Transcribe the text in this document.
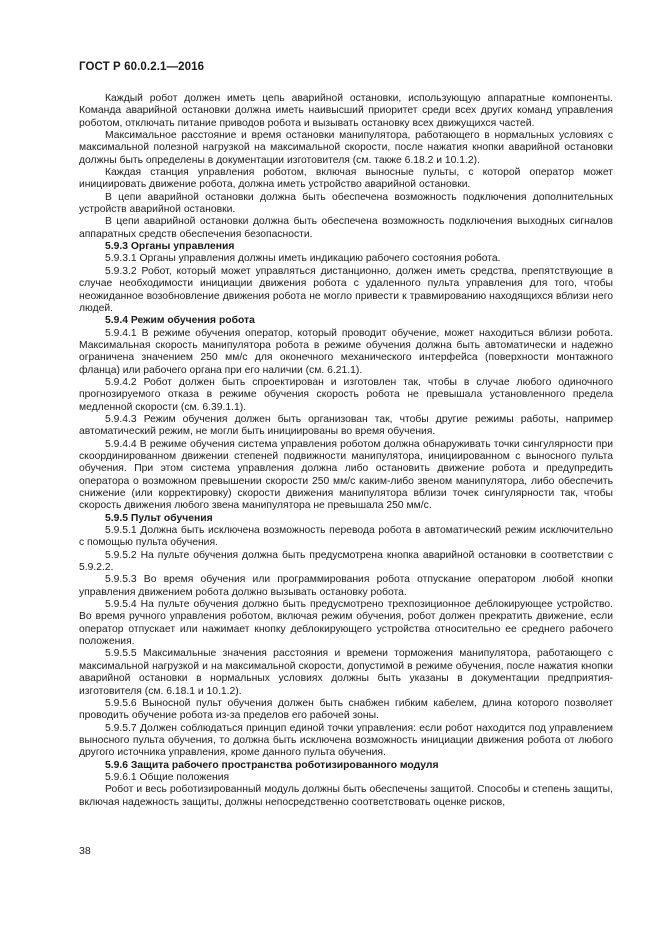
ГОСТ Р 60.0.2.1—2016

Каждый робот должен иметь цепь аварийной остановки, использующую аппаратные компоненты. Команда аварийной остановки должна иметь наивысший приоритет среди всех других команд управления роботом, отключать питание приводов робота и вызывать остановку всех движущихся частей.

Максимальное расстояние и время остановки манипулятора, работающего в нормальных условиях с максимальной полезной нагрузкой на максимальной скорости, после нажатия кнопки аварийной остановки должны быть определены в документации изготовителя (см. также 6.18.2 и 10.1.2).

Каждая станция управления роботом, включая выносные пульты, с которой оператор может инициировать движение робота, должна иметь устройство аварийной остановки.

В цепи аварийной остановки должна быть обеспечена возможность подключения дополнительных устройств аварийной остановки.

В цепи аварийной остановки должна быть обеспечена возможность подключения выходных сигналов аппаратных средств обеспечения безопасности.

5.9.3 Органы управления

5.9.3.1 Органы управления должны иметь индикацию рабочего состояния робота.

5.9.3.2 Робот, который может управляться дистанционно, должен иметь средства, препятствующие в случае необходимости инициации движения робота с удаленного пульта управления для того, чтобы неожиданное возобновление движения робота не могло привести к травмированию находящихся вблизи него людей.

5.9.4 Режим обучения робота

5.9.4.1 В режиме обучения оператор, который проводит обучение, может находиться вблизи робота. Максимальная скорость манипулятора робота в режиме обучения должна быть автоматически и надежно ограничена значением 250 мм/с для оконечного механического интерфейса (поверхности монтажного фланца) или рабочего органа при его наличии (см. 6.21.1).

5.9.4.2 Робот должен быть спроектирован и изготовлен так, чтобы в случае любого одиночного прогнозируемого отказа в режиме обучения скорость робота не превышала установленного предела медленной скорости (см. 6.39.1.1).

5.9.4.3 Режим обучения должен быть организован так, чтобы другие режимы работы, например автоматический режим, не могли быть инициированы во время обучения.

5.9.4.4 В режиме обучения система управления роботом должна обнаруживать точки сингулярности при скоординированном движении степеней подвижности манипулятора, инициированном с выносного пульта обучения. При этом система управления должна либо остановить движение робота и предупредить оператора о возможном превышении скорости 250 мм/с каким-либо звеном манипулятора, либо обеспечить снижение (или корректировку) скорости движения манипулятора вблизи точек сингулярности так, чтобы скорость движения любого звена манипулятора не превышала 250 мм/с.

5.9.5 Пульт обучения

5.9.5.1 Должна быть исключена возможность перевода робота в автоматический режим исключительно с помощью пульта обучения.

5.9.5.2 На пульте обучения должна быть предусмотрена кнопка аварийной остановки в соответствии с 5.9.2.2.

5.9.5.3 Во время обучения или программирования робота отпускание оператором любой кнопки управления движением робота должно вызывать остановку робота.

5.9.5.4 На пульте обучения должно быть предусмотрено трехпозиционное деблокирующее устройство. Во время ручного управления роботом, включая режим обучения, робот должен прекратить движение, если оператор отпускает или нажимает кнопку деблокирующего устройства относительно ее среднего рабочего положения.

5.9.5.5 Максимальные значения расстояния и времени торможения манипулятора, работающего с максимальной нагрузкой и на максимальной скорости, допустимой в режиме обучения, после нажатия кнопки аварийной остановки в нормальных условиях должны быть указаны в документации предприятия-изготовителя (см. 6.18.1 и 10.1.2).

5.9.5.6 Выносной пульт обучения должен быть снабжен гибким кабелем, длина которого позволяет проводить обучение робота из-за пределов его рабочей зоны.

5.9.5.7 Должен соблюдаться принцип единой точки управления: если робот находится под управлением выносного пульта обучения, то должна быть исключена возможность инициации движения робота от любого другого источника управления, кроме данного пульта обучения.

5.9.6 Защита рабочего пространства роботизированного модуля

5.9.6.1 Общие положения

Робот и весь роботизированный модуль должны быть обеспечены защитой. Способы и степень защиты, включая надежность защиты, должны непосредственно соответствовать оценке рисков,

38
